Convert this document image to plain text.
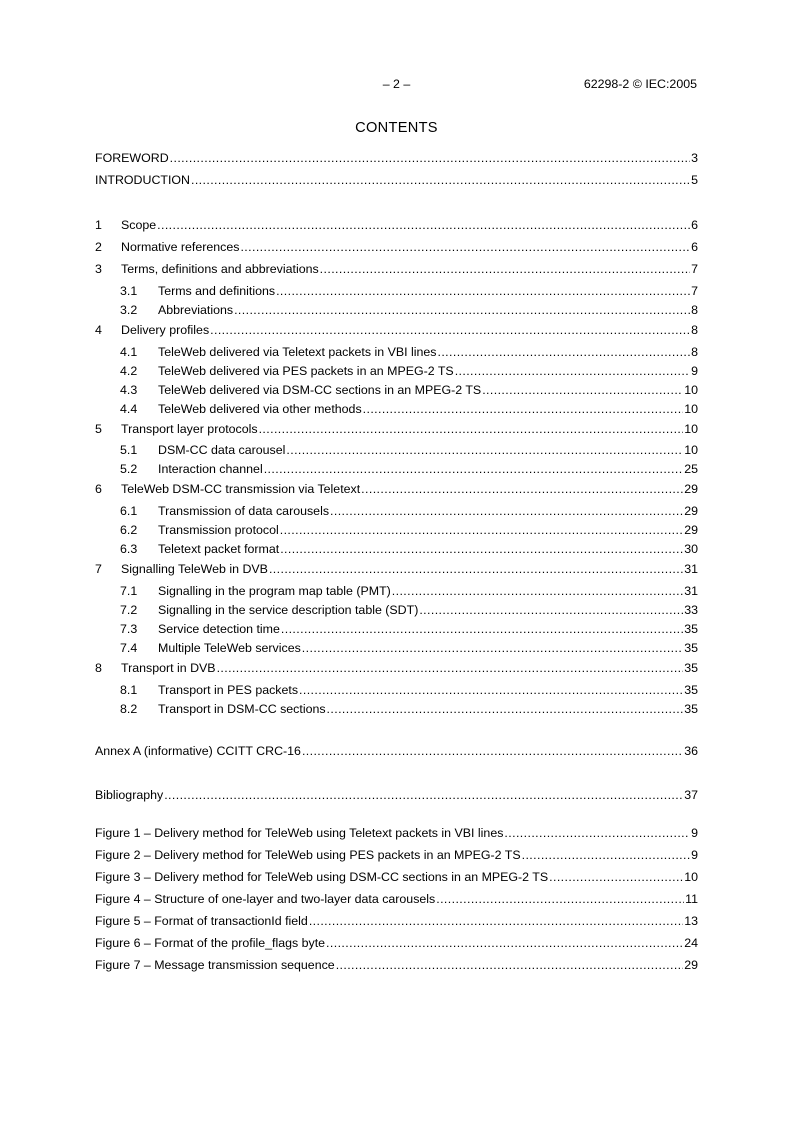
– 2 –	62298-2 © IEC:2005
CONTENTS
FOREWORD .....	3
INTRODUCTION .....	5
1	Scope .....	6
2	Normative references .....	6
3	Terms, definitions and abbreviations .....	7
3.1	Terms and definitions .....	7
3.2	Abbreviations .....	8
4	Delivery profiles .....	8
4.1	TeleWeb delivered via Teletext packets in VBI lines .....	8
4.2	TeleWeb delivered via PES packets in an MPEG-2 TS .....	9
4.3	TeleWeb delivered via DSM-CC sections in an MPEG-2 TS .....	10
4.4	TeleWeb delivered via other methods .....	10
5	Transport layer protocols .....	10
5.1	DSM-CC data carousel .....	10
5.2	Interaction channel .....	25
6	TeleWeb DSM-CC transmission via Teletext .....	29
6.1	Transmission of data carousels .....	29
6.2	Transmission protocol .....	29
6.3	Teletext packet format .....	30
7	Signalling TeleWeb in DVB .....	31
7.1	Signalling in the program map table (PMT) .....	31
7.2	Signalling in the service description table (SDT) .....	33
7.3	Service detection time .....	35
7.4	Multiple TeleWeb services .....	35
8	Transport in DVB .....	35
8.1	Transport in PES packets .....	35
8.2	Transport in DSM-CC sections .....	35
Annex A (informative) CCITT CRC-16 .....	36
Bibliography .....	37
Figure 1 – Delivery method for TeleWeb using Teletext packets in VBI lines .....	9
Figure 2 – Delivery method for TeleWeb using PES packets in an MPEG-2 TS .....	9
Figure 3 – Delivery method for TeleWeb using DSM-CC sections in an MPEG-2 TS .....	10
Figure 4 – Structure of one-layer and two-layer data carousels .....	11
Figure 5 – Format of transactionId field .....	13
Figure 6 – Format of the profile_flags byte .....	24
Figure 7 – Message transmission sequence .....	29
